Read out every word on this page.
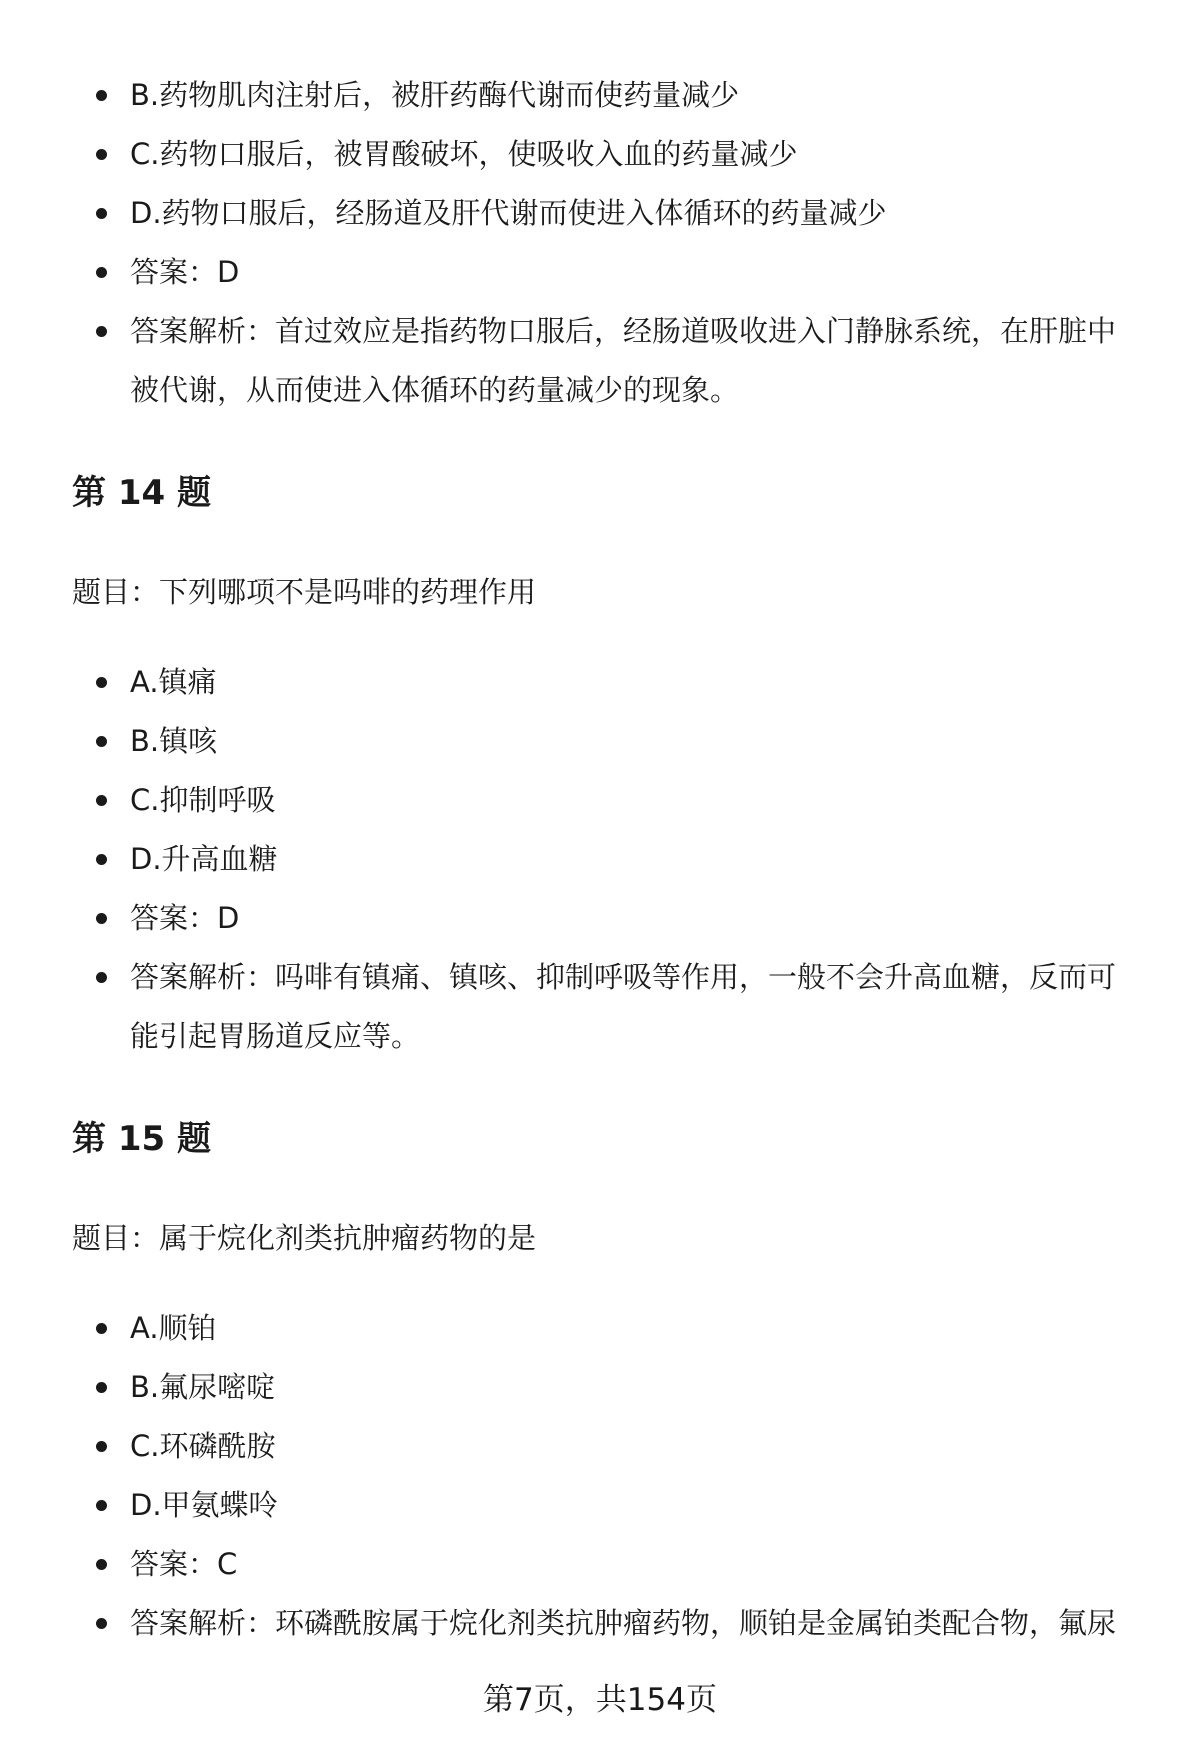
B.药物肌肉注射后，被肝药酶代谢而使药量减少
C.药物口服后，被胃酸破坏，使吸收入血的药量减少
D.药物口服后，经肠道及肝代谢而使进入体循环的药量减少
答案：D
答案解析：首过效应是指药物口服后，经肠道吸收进入门静脉系统，在肝脏中被代谢，从而使进入体循环的药量减少的现象。
第 14 题
题目：下列哪项不是吗啡的药理作用
A.镇痛
B.镇咳
C.抑制呼吸
D.升高血糖
答案：D
答案解析：吗啡有镇痛、镇咳、抑制呼吸等作用，一般不会升高血糖，反而可能引起胃肠道反应等。
第 15 题
题目：属于烷化剂类抗肿瘤药物的是
A.顺铂
B.氟尿嘧啶
C.环磷酰胺
D.甲氨蝶呤
答案：C
答案解析：环磷酰胺属于烷化剂类抗肿瘤药物，顺铂是金属铂类配合物，氟尿
第7页，共154页
